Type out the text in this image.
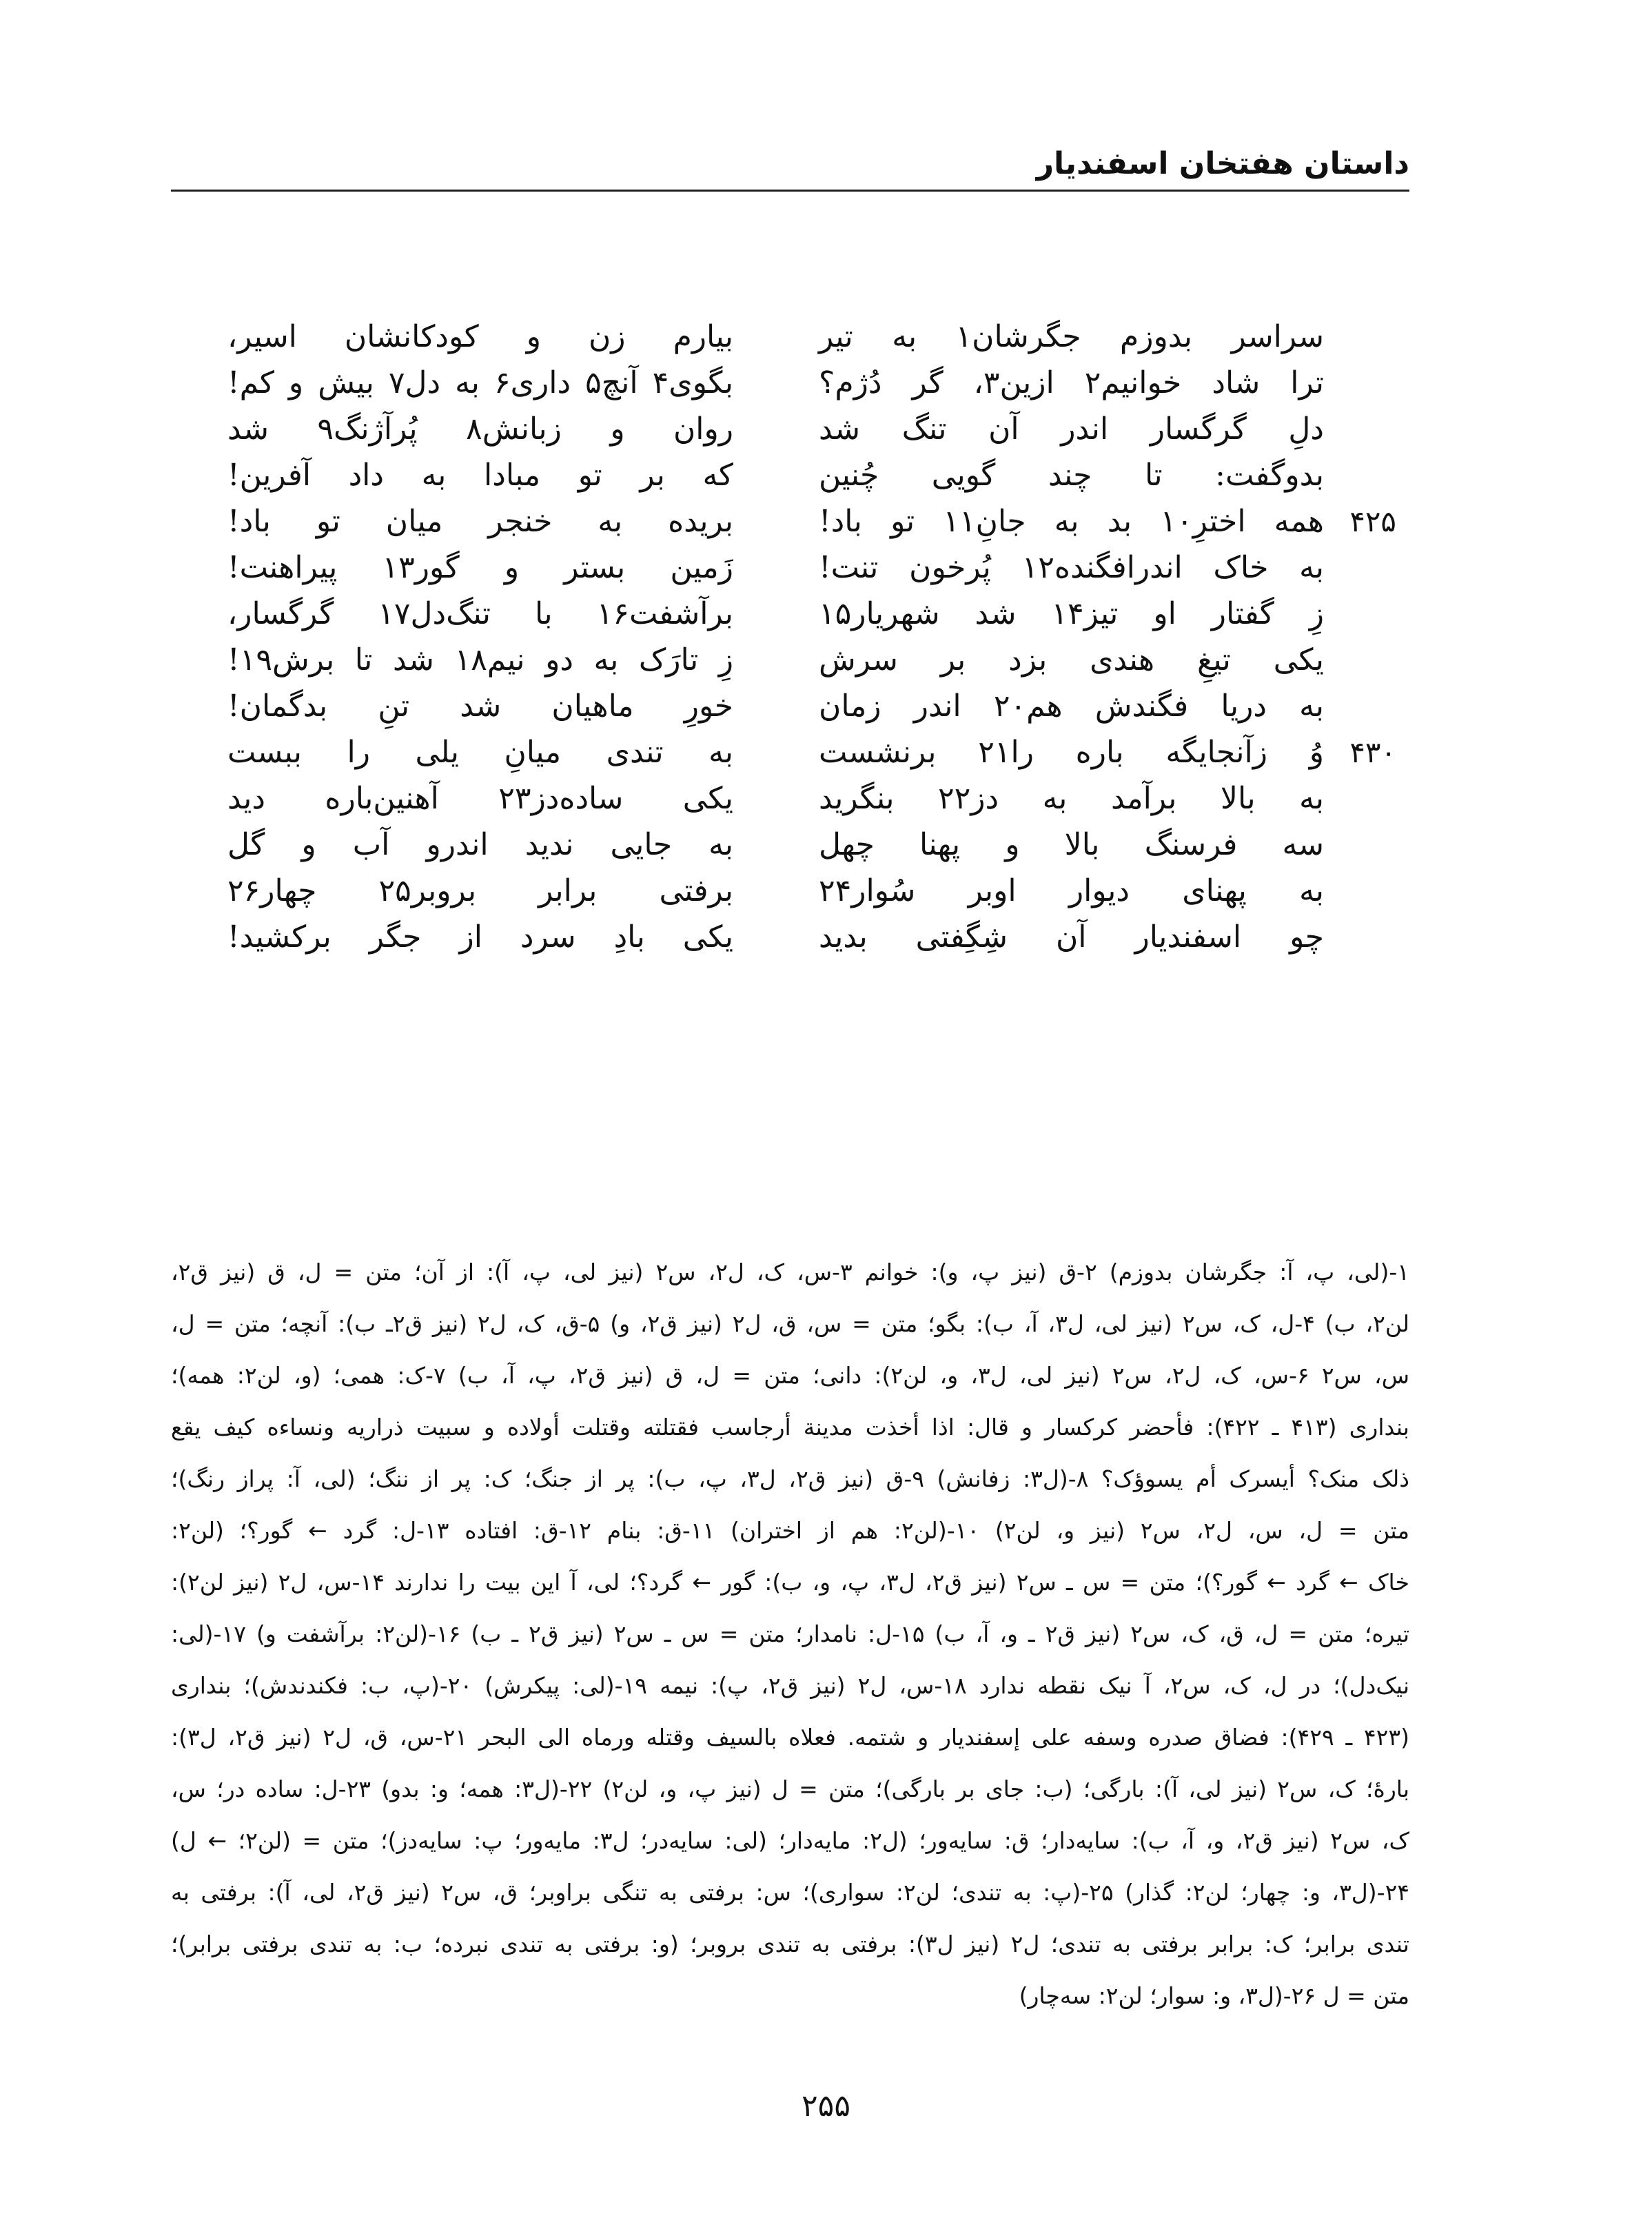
داستان هفتخان اسفندیار
سراسر بدوزم جگرشان۱ به تیر
ترا شاد خوانیم۲ ازین۳، گر دُژم؟
دلِ گرگسار اندر آن تنگ شد
بدوگفت: تا چند گویی چُنین
همه اخترِ۱۰ بد به جانِ۱۱ تو باد! ۴۲۵
به خاک اندرافگنده۱۲ پُرخون تنت!
زِ گفتار او تیز۱۴ شد شهریار۱۵
یکی تیغِ هندی بزد بر سرش
به دریا فگندش هم۲۰ اندر زمان
وُ زآنجایگه باره را۲۱ برنشست ۴۳۰
به بالا برآمد به دز۲۲ بنگرید
سه فرسنگ بالا و پهنا چهل
به پهنای دیوار اوبر سُوار۲۴
چو اسفندیار آن شِگِفتی بدید
بیارم زن و کودکانشان اسیر،
بگوی۴ آنچ۵ داری۶ به دل۷ بیش و کم!
روان و زبانش۸ پُرآژنگ۹ شد
که بر تو مبادا به داد آفرین!
بریده به خنجر میان تو باد!
زَمین بستر و گور۱۳ پیراهنت!
برآشفت۱۶ با تنگ‌دل۱۷ گرگسار،
زِ تارَک به دو نیم۱۸ شد تا برش۱۹!
خورِ ماهیان شد تنِ بدگمان!
به تندی میانِ یلی را ببست
یکی ساده‌دز۲۳ آهنین‌باره دید
به جایی ندید اندرو آب و گل
برفتی برابر بروبر۲۵ چهار۲۶
یکی بادِ سرد از جگر برکشید!
۱-(لی، پ، آ: جگرشان بدوزم) ۲-ق (نیز پ، و): خوانم ۳-س، ک، ل۲، س۲ (نیز لی، پ، آ): از آن؛ متن = ل، ق (نیز ق۲،
لن۲، ب) ۴-ل، ک، س۲ (نیز لی، ل۳، آ، ب): بگو؛ متن = س، ق، ل۲ (نیز ق۲، و) ۵-ق، ک، ل۲ (نیز ق۲ـ ب): آنچه؛ متن = ل،
س، س۲ ۶-س، ک، ل۲، س۲ (نیز لی، ل۳، و، لن۲): دانی؛ متن = ل، ق (نیز ق۲، پ، آ، ب) ۷-ک: همی؛ (و، لن۲: همه)؛
بنداری (۴۱۳ ـ ۴۲۲): فأحضر کرکسار و قال: اذا أخذت مدینة أرجاسب فقتلته وقتلت أولاده و سبیت ذراریه ونساءه کیف یقع
ذلک منک؟ أیسرک أم یسوؤک؟ ۸-(ل۳: زفانش) ۹-ق (نیز ق۲، ل۳، پ، ب): پر از جنگ؛ ک: پر از ننگ؛ (لی، آ: پراز رنگ)؛
متن = ل، س، ل۲، س۲ (نیز و، لن۲) ۱۰-(لن۲: هم از اختران) ۱۱-ق: بنام ۱۲-ق: افتاده ۱۳-ل: گرد ← گور؟؛ (لن۲:
خاک ← گرد ← گور؟)؛ متن = س ـ س۲ (نیز ق۲، ل۳، پ، و، ب): گور ← گرد؟؛ لی، آ این بیت را ندارند ۱۴-س، ل۲ (نیز لن۲):
تیره؛ متن = ل، ق، ک، س۲ (نیز ق۲ ـ و، آ، ب) ۱۵-ل: نامدار؛ متن = س ـ س۲ (نیز ق۲ ـ ب) ۱۶-(لن۲: برآشفت و) ۱۷-(لی:
نیک‌دل)؛ در ل، ک، س۲، آ نیک نقطه ندارد ۱۸-س، ل۲ (نیز ق۲، پ): نیمه ۱۹-(لی: پیکرش) ۲۰-(پ، ب: فکندندش)؛ بنداری
(۴۲۳ ـ ۴۲۹): فضاق صدره وسفه علی إسفندیار و شتمه. فعلاه بالسیف وقتله ورماه الی البحر ۲۱-س، ق، ل۲ (نیز ق۲، ل۳):
بارهٔ؛ ک، س۲ (نیز لی، آ): بارگی؛ (ب: جای بر بارگی)؛ متن = ل (نیز پ، و، لن۲) ۲۲-(ل۳: همه؛ و: بدو) ۲۳-ل: ساده در؛ س،
ک، س۲ (نیز ق۲، و، آ، ب): سایه‌دار؛ ق: سایه‌ور؛ (ل۲: مایه‌دار؛ (لی: سایه‌در؛ ل۳: مایه‌ور؛ پ: سایه‌دز)؛ متن = (لن۲؛ ← ل)
۲۴-(ل۳، و: چهار؛ لن۲: گذار) ۲۵-(پ: به تندی؛ لن۲: سواری)؛ س: برفتی به تنگی براوبر؛ ق، س۲ (نیز ق۲، لی، آ): برفتی به
تندی برابر؛ ک: برابر برفتی به تندی؛ ل۲ (نیز ل۳): برفتی به تندی بروبر؛ (و: برفتی به تندی نبرده؛ ب: به تندی برفتی برابر)؛
متن = ل ۲۶-(ل۳، و: سوار؛ لن۲: سه‌چار)
۲۵۵
